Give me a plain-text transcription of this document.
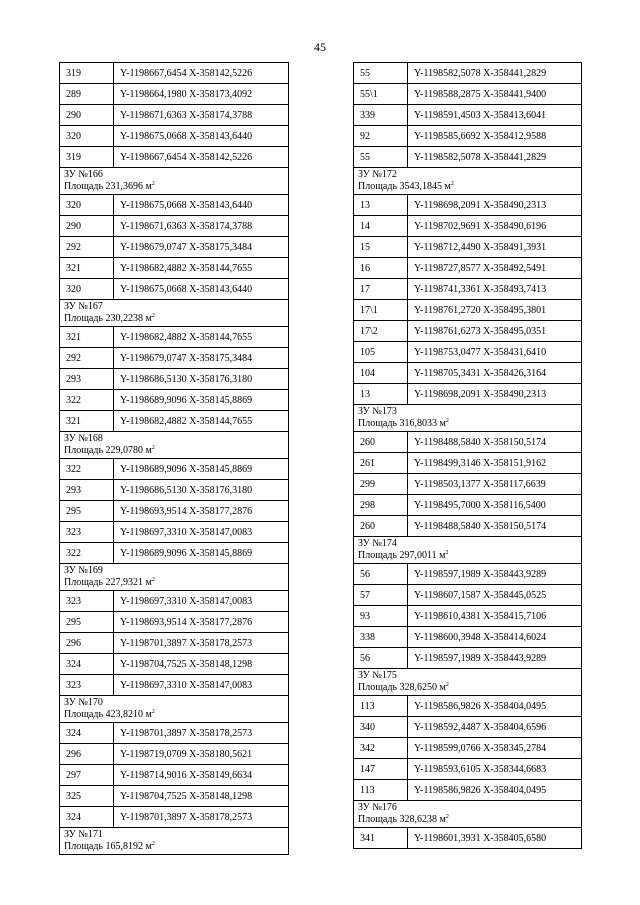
45
319	Y-1198667,6454 X-358142,5226
289	Y-1198664,1980 X-358173,4092
290	Y-1198671,6363 X-358174,3788
320	Y-1198675,0668 X-358143,6440
319	Y-1198667,6454 X-358142,5226

ЗУ №166
Площадь 231,3696 $м^2$

320	Y-1198675,0668 X-358143,6440
290	Y-1198671,6363 X-358174,3788
292	Y-1198679,0747 X-358175,3484
321	Y-1198682,4882 X-358144,7655
320	Y-1198675,0668 X-358143,6440

ЗУ №167
Площадь 230,2238 $м^2$

321	Y-1198682,4882 X-358144,7655
292	Y-1198679,0747 X-358175,3484
293	Y-1198686,5130 X-358176,3180
322	Y-1198689,9096 X-358145,8869
321	Y-1198682,4882 X-358144,7655

ЗУ №168
Площадь 229,0780 $м^2$

322	Y-1198689,9096 X-358145,8869
293	Y-1198686,5130 X-358176,3180
295	Y-1198693,9514 X-358177,2876
323	Y-1198697,3310 X-358147,0083
322	Y-1198689,9096 X-358145,8869

ЗУ №169
Площадь 227,9321 $м^2$

323	Y-1198697,3310 X-358147,0083
295	Y-1198693,9514 X-358177,2876
296	Y-1198701,3897 X-358178,2573
324	Y-1198704,7525 X-358148,1298
323	Y-1198697,3310 X-358147,0083

ЗУ №170
Площадь 423,8210 $м^2$

324	Y-1198701,3897 X-358178,2573
296	Y-1198719,0709 X-358180,5621
297	Y-1198714,9016 X-358149,6634
325	Y-1198704,7525 X-358148,1298
324	Y-1198701,3897 X-358178,2573

ЗУ №171
Площадь 165,8192 $м^2$
55	Y-1198582,5078 X-358441,2829
55\1	Y-1198588,2875 X-358441,9400
339	Y-1198591,4503 X-358413,6041
92	Y-1198585,6692 X-358412,9588
55	Y-1198582,5078 X-358441,2829

ЗУ №172
Площадь 3543,1845 $м^2$

13	Y-1198698,2091 X-358490,2313
14	Y-1198702,9691 X-358490,6196
15	Y-1198712,4490 X-358491,3931
16	Y-1198727,8577 X-358492,5491
17	Y-1198741,3361 X-358493,7413
17\1	Y-1198761,2720 X-358495,3801
17\2	Y-1198761,6273 X-358495,0351
105	Y-1198753,0477 X-358431,6410
104	Y-1198705,3431 X-358426,3164
13	Y-1198698,2091 X-358490,2313

ЗУ №173
Площадь 316,8033 $м^2$

260	Y-1198488,5840 X-358150,5174
261	Y-1198499,3146 X-358151,9162
299	Y-1198503,1377 X-358117,6639
298	Y-1198495,7000 X-358116,5400
260	Y-1198488,5840 X-358150,5174

ЗУ №174
Площадь 297,0011 $м^2$

56	Y-1198597,1989 X-358443,9289
57	Y-1198607,1587 X-358445,0525
93	Y-1198610,4381 X-358415,7106
338	Y-1198600,3948 X-358414,6024
56	Y-1198597,1989 X-358443,9289

ЗУ №175
Площадь 328,6250 $м^2$

113	Y-1198586,9826 X-358404,0495
340	Y-1198592,4487 X-358404,6596
342	Y-1198599,0766 X-358345,2784
147	Y-1198593,6105 X-358344,6683
113	Y-1198586,9826 X-358404,0495

ЗУ №176
Площадь 328,6238 $м^2$

341	Y-1198601,3931 X-358405,6580
